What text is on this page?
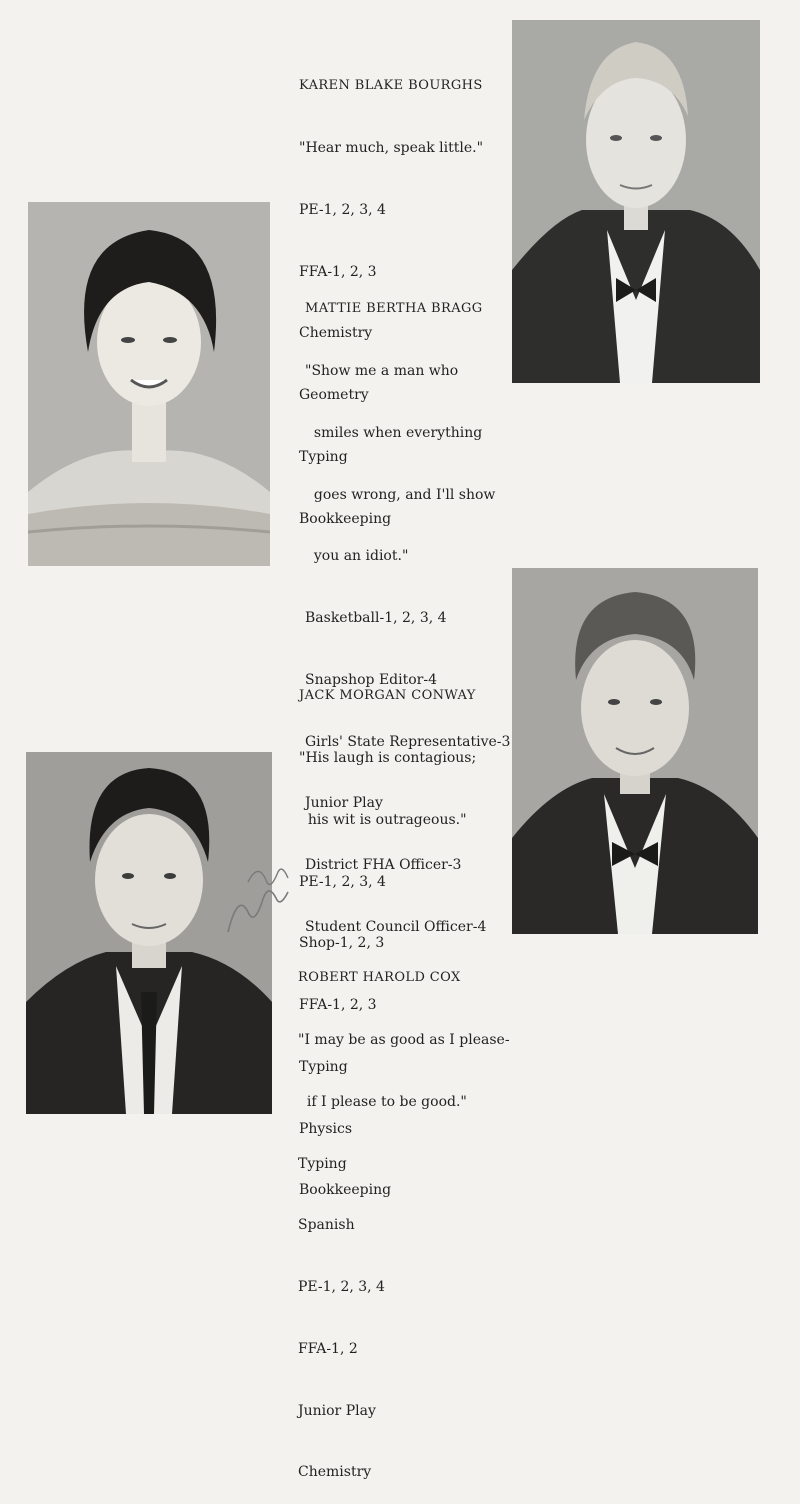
KAREN BLAKE BOURGHS

"Hear much, speak little."

PE-1, 2, 3, 4

FFA-1, 2, 3

Chemistry

Geometry

Typing

Bookkeeping

MATTIE BERTHA BRAGG

"Show me a man who

smiles when everything

goes wrong, and I'll show

you an idiot."

Basketball-1, 2, 3, 4

Snapshop Editor-4

Girls' State Representative-3

Junior Play

District FHA Officer-3

Student Council Officer-4

JACK MORGAN CONWAY

"His laugh is contagious;

his wit is outrageous."

PE-1, 2, 3, 4

Shop-1, 2, 3

FFA-1, 2, 3

Typing

Physics

Bookkeeping

ROBERT HAROLD COX

"I may be as good as I please-

if I please to be good."

Typing

Spanish

PE-1, 2, 3, 4

FFA-1, 2

Junior Play

Chemistry
